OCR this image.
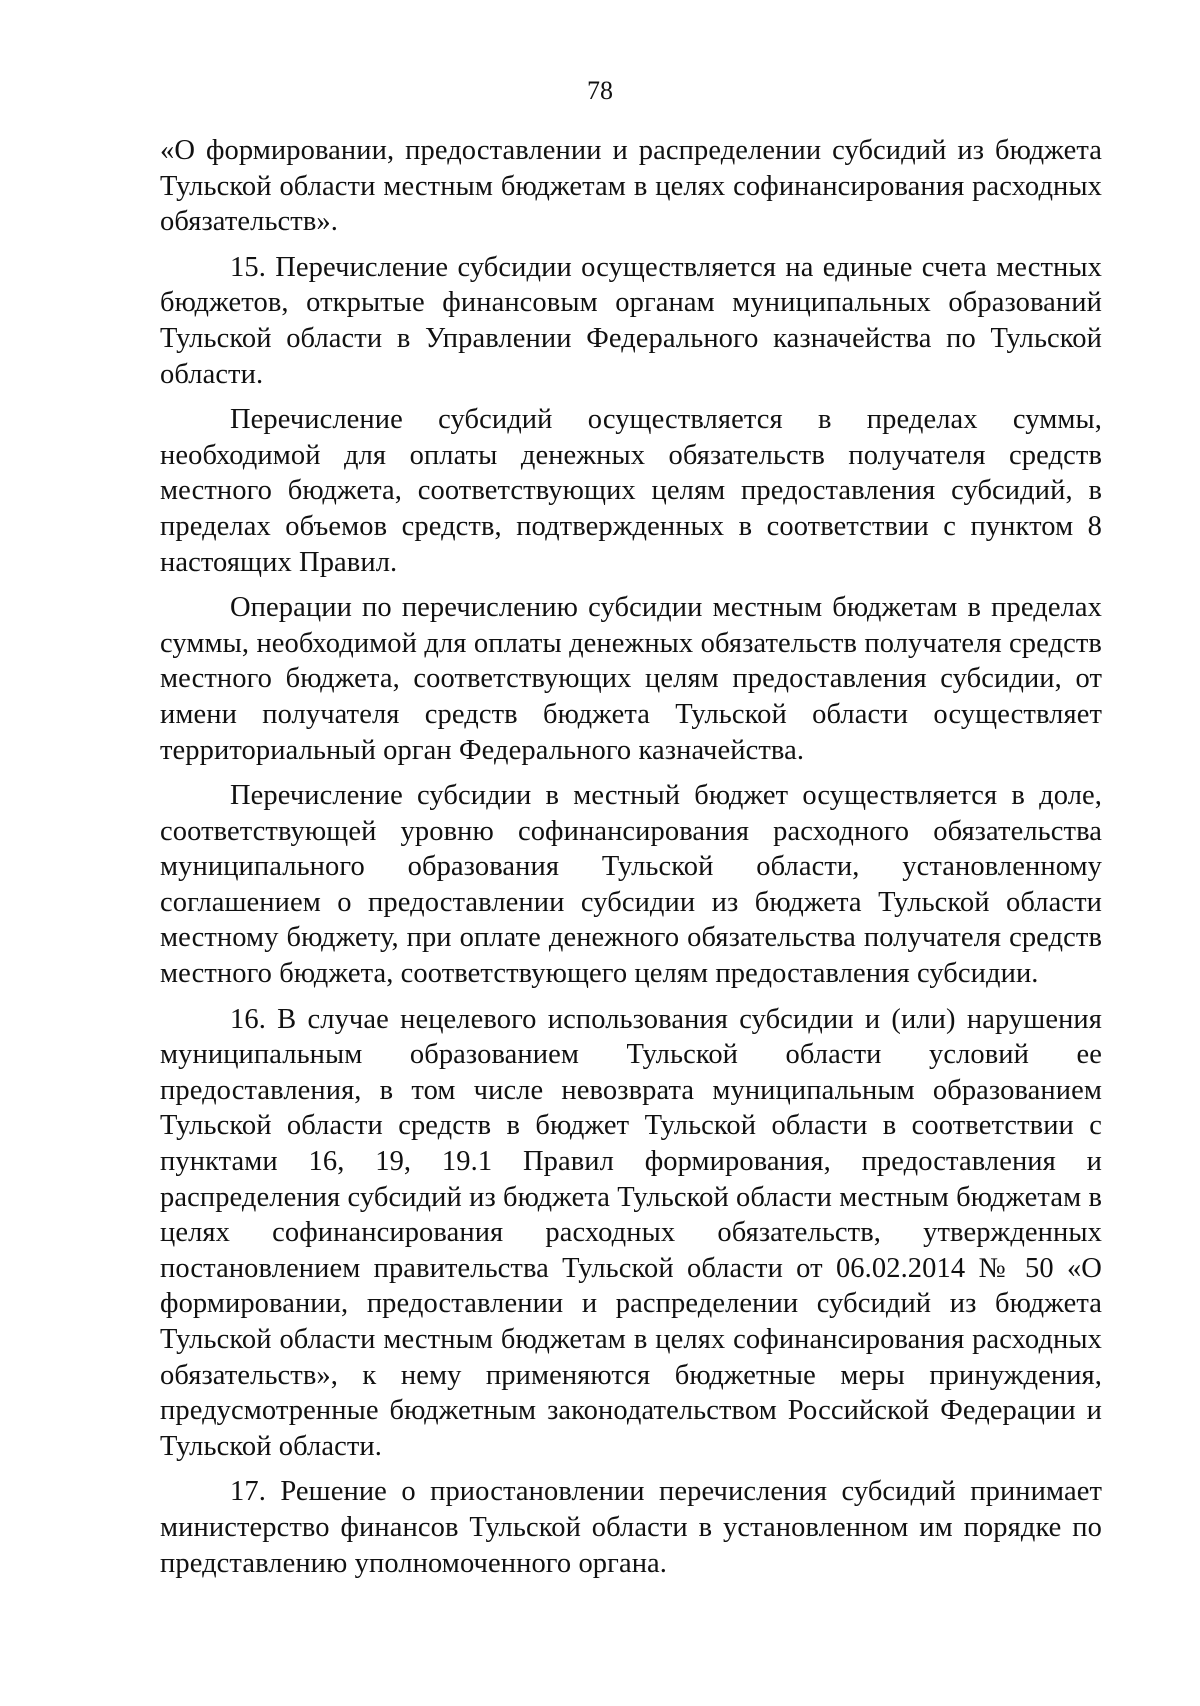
78

«О формировании, предоставлении и распределении субсидий из бюджета Тульской области местным бюджетам в целях софинансирования расходных обязательств».

15. Перечисление субсидии осуществляется на единые счета местных бюджетов, открытые финансовым органам муниципальных образований Тульской области в Управлении Федерального казначейства по Тульской области.

Перечисление субсидий осуществляется в пределах суммы, необходимой для оплаты денежных обязательств получателя средств местного бюджета, соответствующих целям предоставления субсидий, в пределах объемов средств, подтвержденных в соответствии с пунктом 8 настоящих Правил.

Операции по перечислению субсидии местным бюджетам в пределах суммы, необходимой для оплаты денежных обязательств получателя средств местного бюджета, соответствующих целям предоставления субсидии, от имени получателя средств бюджета Тульской области осуществляет территориальный орган Федерального казначейства.

Перечисление субсидии в местный бюджет осуществляется в доле, соответствующей уровню софинансирования расходного обязательства муниципального образования Тульской области, установленному соглашением о предоставлении субсидии из бюджета Тульской области местному бюджету, при оплате денежного обязательства получателя средств местного бюджета, соответствующего целям предоставления субсидии.

16. В случае нецелевого использования субсидии и (или) нарушения муниципальным образованием Тульской области условий ее предоставления, в том числе невозврата муниципальным образованием Тульской области средств в бюджет Тульской области в соответствии с пунктами 16, 19, 19.1 Правил формирования, предоставления и распределения субсидий из бюджета Тульской области местным бюджетам в целях софинансирования расходных обязательств, утвержденных постановлением правительства Тульской области от 06.02.2014 № 50 «О формировании, предоставлении и распределении субсидий из бюджета Тульской области местным бюджетам в целях софинансирования расходных обязательств», к нему применяются бюджетные меры принуждения, предусмотренные бюджетным законодательством Российской Федерации и Тульской области.

17. Решение о приостановлении перечисления субсидий принимает министерство финансов Тульской области в установленном им порядке по представлению уполномоченного органа.
